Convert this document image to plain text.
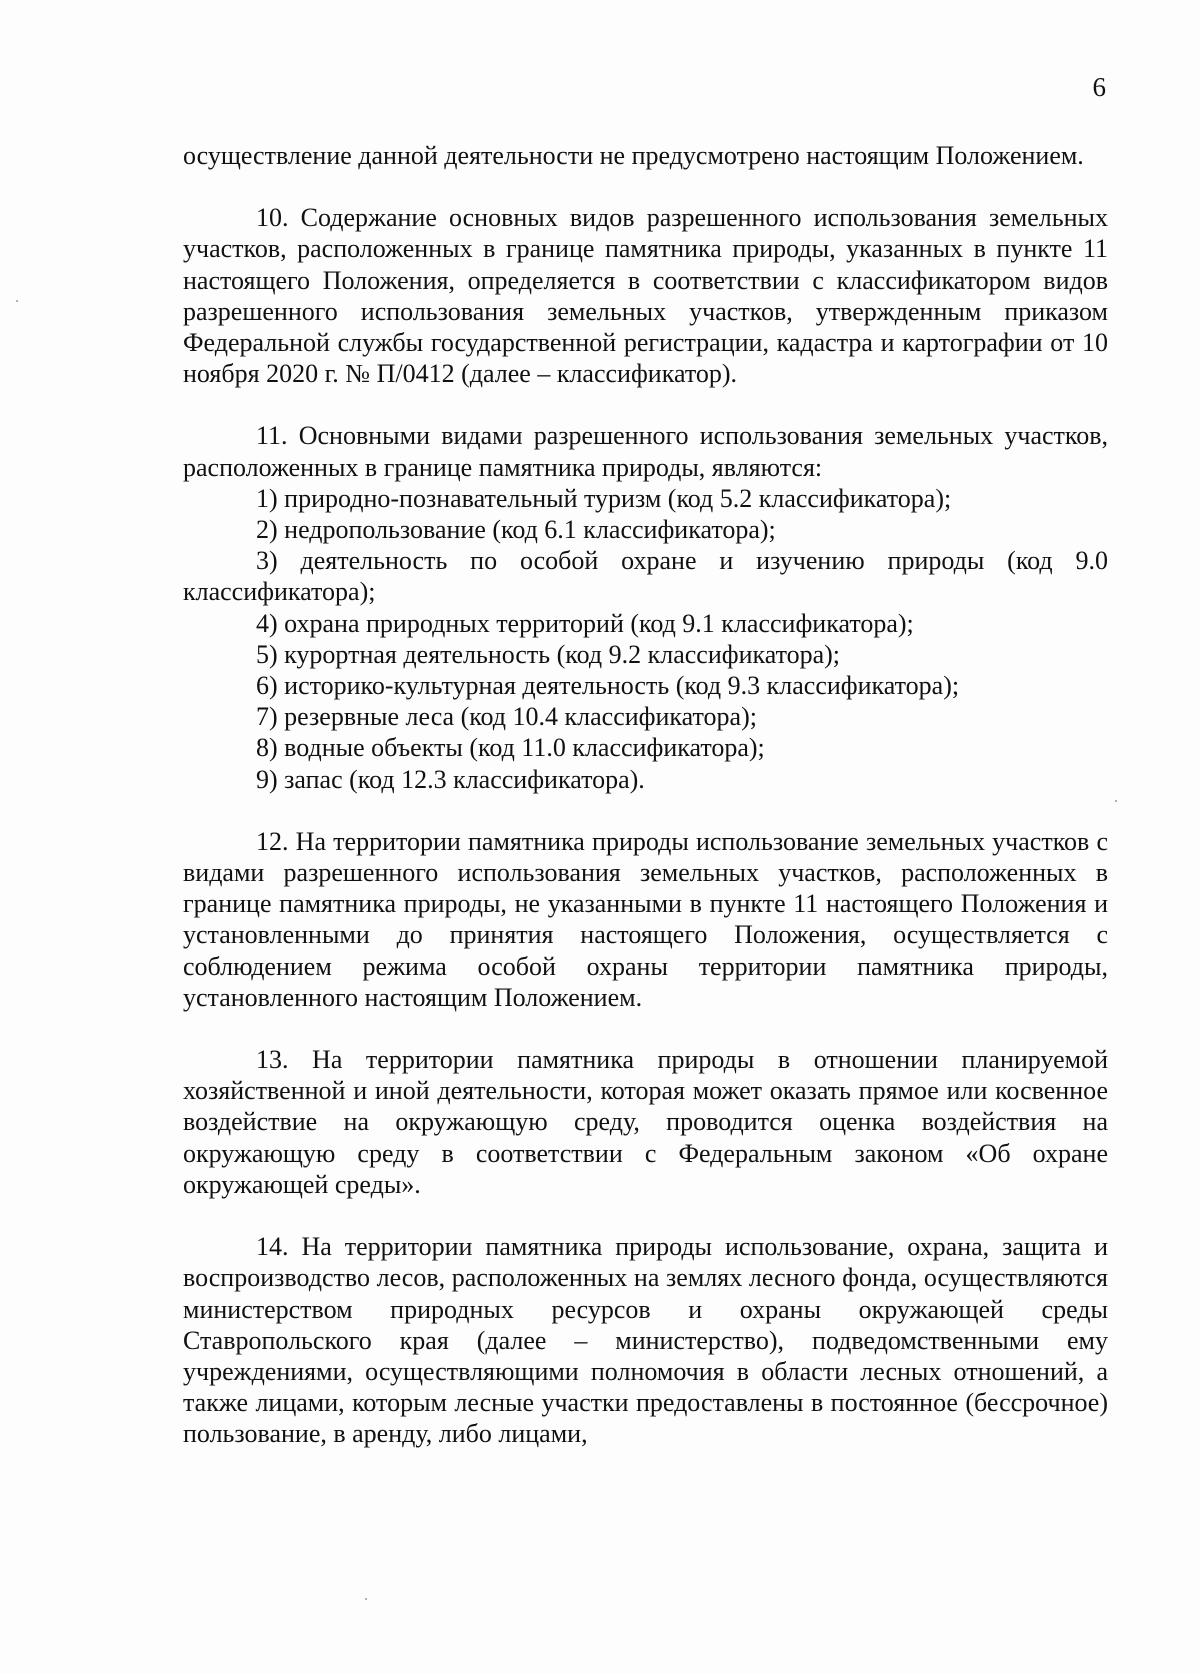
6

осуществление данной деятельности не предусмотрено настоящим Положением.

10. Содержание основных видов разрешенного использования земельных участков, расположенных в границе памятника природы, указанных в пункте 11 настоящего Положения, определяется в соответствии с классификатором видов разрешенного использования земельных участков, утвержденным приказом Федеральной службы государственной регистрации, кадастра и картографии от 10 ноября 2020 г. № П/0412 (далее – классификатор).

11. Основными видами разрешенного использования земельных участков, расположенных в границе памятника природы, являются:

1) природно-познавательный туризм (код 5.2 классификатора);
2) недропользование (код 6.1 классификатора);
3) деятельность по особой охране и изучению природы (код 9.0 классификатора);
4) охрана природных территорий (код 9.1 классификатора);
5) курортная деятельность (код 9.2 классификатора);
6) историко-культурная деятельность (код 9.3 классификатора);
7) резервные леса (код 10.4 классификатора);
8) водные объекты (код 11.0 классификатора);
9) запас (код 12.3 классификатора).

12. На территории памятника природы использование земельных участков с видами разрешенного использования земельных участков, расположенных в границе памятника природы, не указанными в пункте 11 настоящего Положения и установленными до принятия настоящего Положения, осуществляется с соблюдением режима особой охраны территории памятника природы, установленного настоящим Положением.

13. На территории памятника природы в отношении планируемой хозяйственной и иной деятельности, которая может оказать прямое или косвенное воздействие на окружающую среду, проводится оценка воздействия на окружающую среду в соответствии с Федеральным законом «Об охране окружающей среды».

14. На территории памятника природы использование, охрана, защита и воспроизводство лесов, расположенных на землях лесного фонда, осуществляются министерством природных ресурсов и охраны окружающей среды Ставропольского края (далее – министерство), подведомственными ему учреждениями, осуществляющими полномочия в области лесных отношений, а также лицами, которым лесные участки предоставлены в постоянное (бессрочное) пользование, в аренду, либо лицами,
